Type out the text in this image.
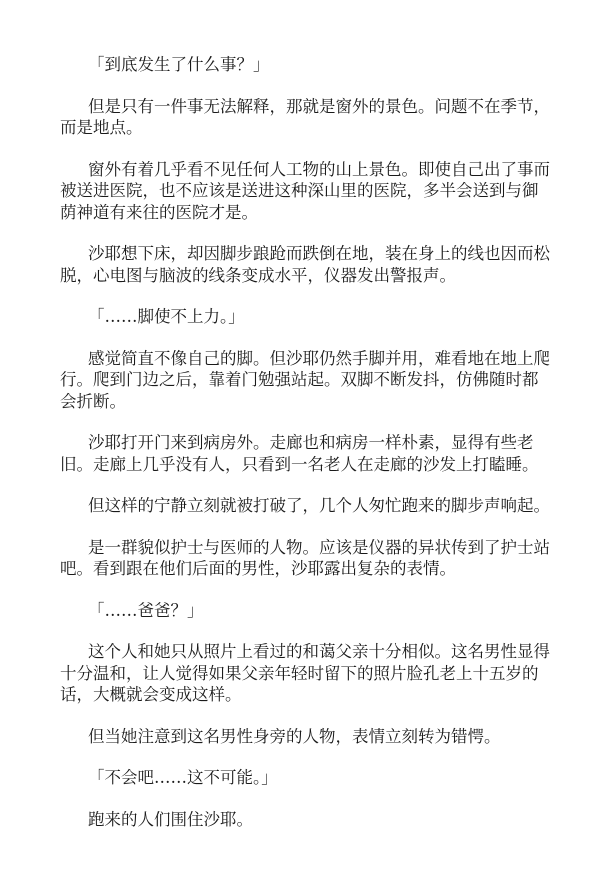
「到底发生了什么事？」

但是只有一件事无法解释，那就是窗外的景色。问题不在季节，而是地点。

窗外有着几乎看不见任何人工物的山上景色。即使自己出了事而被送进医院，也不应该是送进这种深山里的医院，多半会送到与御荫神道有来往的医院才是。

沙耶想下床，却因脚步踉跄而跌倒在地，装在身上的线也因而松脱，心电图与脑波的线条变成水平，仪器发出警报声。

「……脚使不上力。」

感觉简直不像自己的脚。但沙耶仍然手脚并用，难看地在地上爬行。爬到门边之后，靠着门勉强站起。双脚不断发抖，仿佛随时都会折断。

沙耶打开门来到病房外。走廊也和病房一样朴素，显得有些老旧。走廊上几乎没有人，只看到一名老人在走廊的沙发上打瞌睡。

但这样的宁静立刻就被打破了，几个人匆忙跑来的脚步声响起。

是一群貌似护士与医师的人物。应该是仪器的异状传到了护士站吧。看到跟在他们后面的男性，沙耶露出复杂的表情。

「……爸爸？」

这个人和她只从照片上看过的和蔼父亲十分相似。这名男性显得十分温和，让人觉得如果父亲年轻时留下的照片脸孔老上十五岁的话，大概就会变成这样。

但当她注意到这名男性身旁的人物，表情立刻转为错愕。

「不会吧……这不可能。」

跑来的人们围住沙耶。
